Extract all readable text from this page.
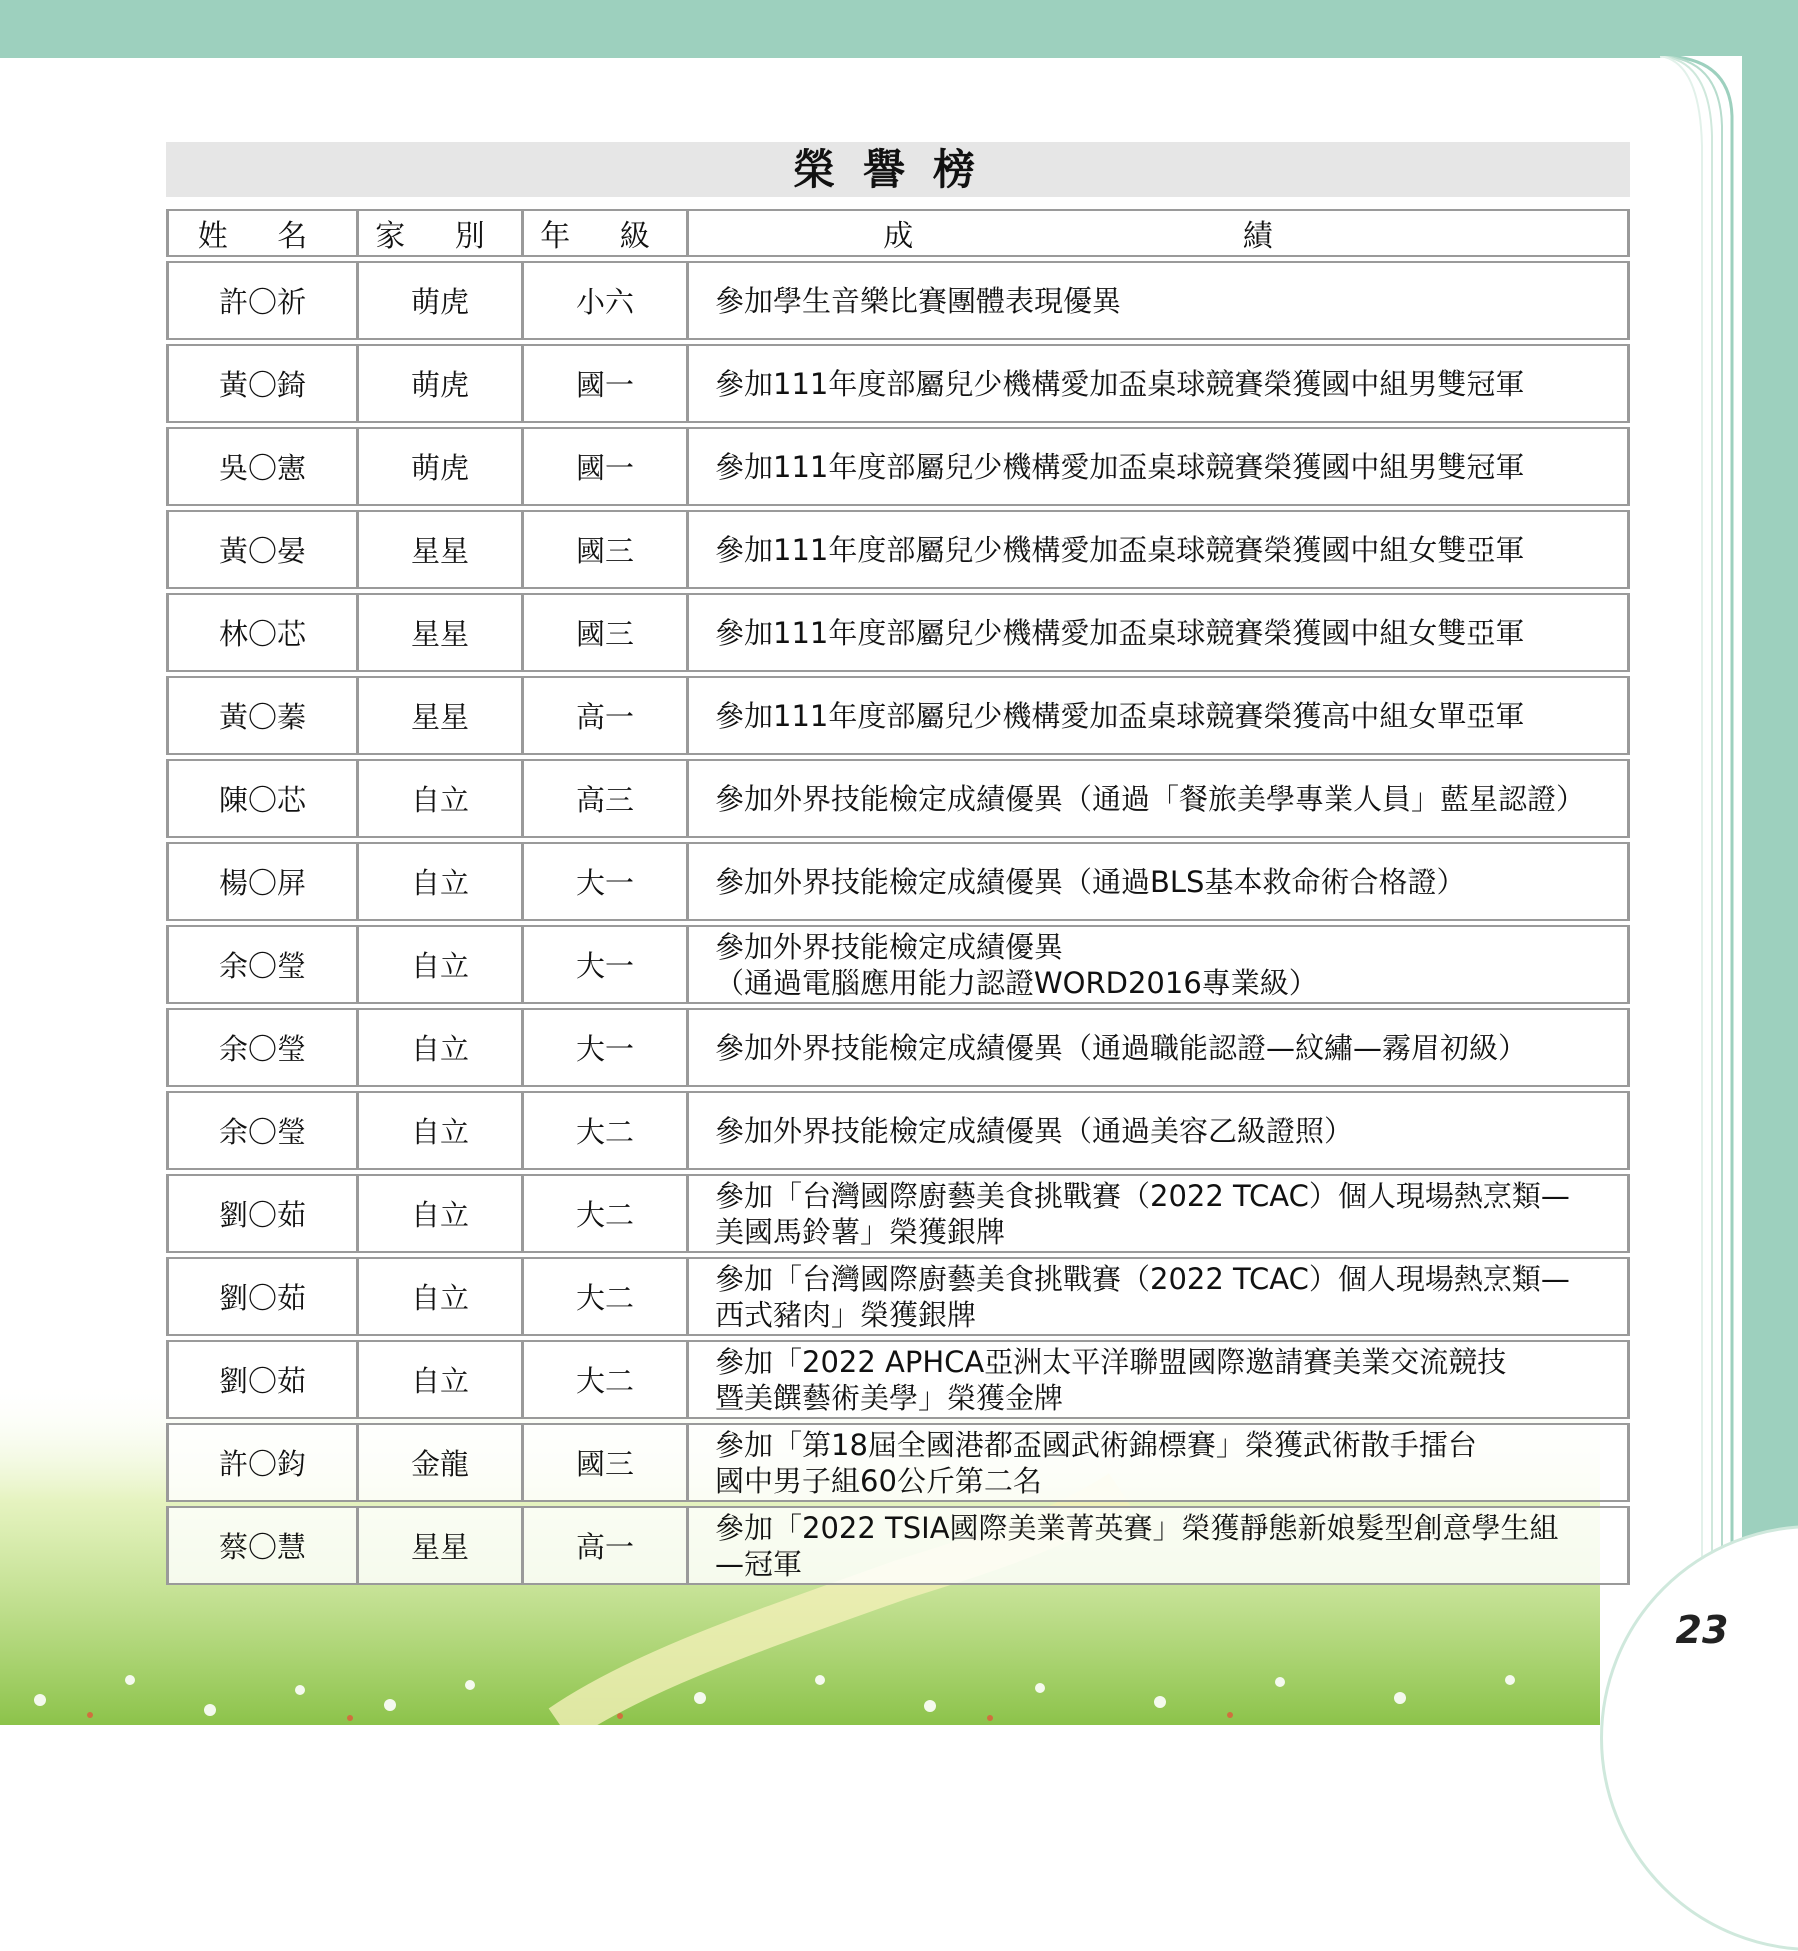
23
榮譽榜
姓 名	家 別	年 級	成 績
許〇祈	萌虎	小六	參加學生音樂比賽團體表現優異
黃〇錡	萌虎	國一	參加111年度部屬兒少機構愛加盃桌球競賽榮獲國中組男雙冠軍
吳〇憲	萌虎	國一	參加111年度部屬兒少機構愛加盃桌球競賽榮獲國中組男雙冠軍
黃〇晏	星星	國三	參加111年度部屬兒少機構愛加盃桌球競賽榮獲國中組女雙亞軍
林〇芯	星星	國三	參加111年度部屬兒少機構愛加盃桌球競賽榮獲國中組女雙亞軍
黃〇蓁	星星	高一	參加111年度部屬兒少機構愛加盃桌球競賽榮獲高中組女單亞軍
陳〇芯	自立	高三	參加外界技能檢定成績優異（通過「餐旅美學專業人員」藍星認證）
楊〇屏	自立	大一	參加外界技能檢定成績優異（通過BLS基本救命術合格證）
余〇瑩	自立	大一	參加外界技能檢定成績優異
（通過電腦應用能力認證WORD2016專業級）
余〇瑩	自立	大一	參加外界技能檢定成績優異（通過職能認證—紋繡—霧眉初級）
余〇瑩	自立	大二	參加外界技能檢定成績優異（通過美容乙級證照）
劉〇茹	自立	大二	參加「台灣國際廚藝美食挑戰賽（2022 TCAC）個人現場熱烹類—
美國馬鈴薯」榮獲銀牌
劉〇茹	自立	大二	參加「台灣國際廚藝美食挑戰賽（2022 TCAC）個人現場熱烹類—
西式豬肉」榮獲銀牌
劉〇茹	自立	大二	參加「2022 APHCA亞洲太平洋聯盟國際邀請賽美業交流競技
暨美饌藝術美學」榮獲金牌
許〇鈞	金龍	國三	參加「第18屆全國港都盃國武術錦標賽」榮獲武術散手擂台
國中男子組60公斤第二名
蔡〇慧	星星	高一	參加「2022 TSIA國際美業菁英賽」榮獲靜態新娘髮型創意學生組
—冠軍
